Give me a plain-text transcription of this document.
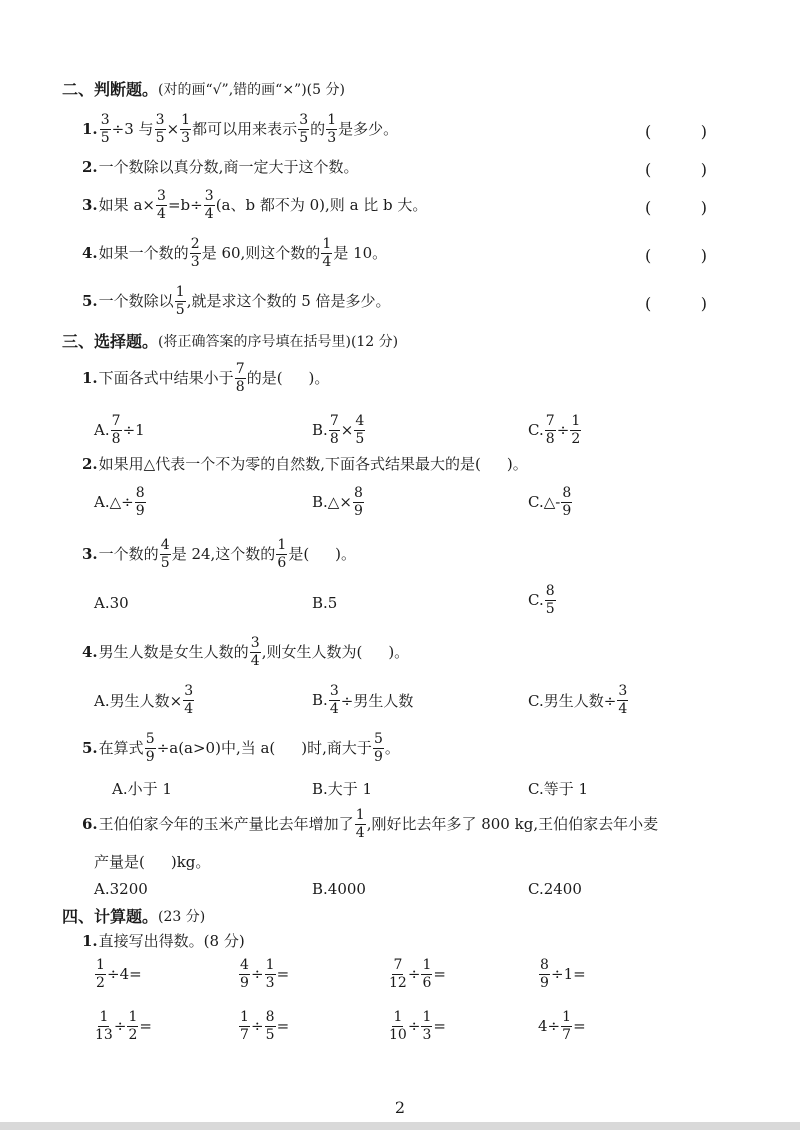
二、判断题。 (对的画“√”,错的画“×”)(5 分)
1. $\frac{3}{5} \div 3$ 与 $\frac{3}{5} \times \frac{1}{3}$ 都可以用来表示 $\frac{3}{5}$ 的 $\frac{1}{3}$ 是多少。	(	)
2. 一个数除以真分数,商一定大于这个数。	(	)
3. 如果 $a\times \frac{3}{4} =b\div \frac{3}{4} (a$、b 都不为 0),则 a 比 b 大。	(	)
4. 如果一个数的 $\frac{2}{3}$ 是 60,则这个数的 $\frac{1}{4}$ 是 10。	(	)
5. 一个数除以 $\frac{1}{5}$ ,就是求这个数的 5 倍是多少。	(	)
三、选择题。 (将正确答案的序号填在括号里)(12 分)
1. 下面各式中结果小于 $\frac{7}{8}$ 的是( )。
A. $\frac{7}{8} \div 1$	B. $\frac{7}{8} \times \frac{4}{5}$	C. $\frac{7}{8} \div \frac{1}{2}$
2. 如果用△代表一个不为零的自然数,下面各式结果最大的是( )。
A. △÷ $\frac{8}{9}$	B. △× $\frac{8}{9}$	C. △- $\frac{8}{9}$
3. 一个数的 $\frac{4}{5}$ 是 24,这个数的 $\frac{1}{6}$ 是( )。
A.30	B.5	C. $\frac{8}{5}$
4. 男生人数是女生人数的 $\frac{3}{4}$ ,则女生人数为( )。
A.男生人数× $\frac{3}{4}$	B. $\frac{3}{4}$ ÷男生人数	C.男生人数÷ $\frac{3}{4}$
5. 在算式 $\frac{5}{9} \div a(a>0)$中,当 a( )时,商大于 $\frac{5}{9}$ 。
A.小于 1	B.大于 1	C.等于 1
6. 王伯伯家今年的玉米产量比去年增加了 $\frac{1}{4}$ ,刚好比去年多了 800 kg,王伯伯家去年小麦
产量是( )kg。
A.3200	B.4000	C.2400
四、计算题。 (23 分)
1. 直接写出得数。(8 分)
$\frac{1}{2} \div 4=$	$\frac{4}{9} \div \frac{1}{3}$ =	$\frac{7}{12} \div \frac{1}{6}$ =	$\frac{8}{9} \div 1=$
$\frac{1}{13} \div \frac{1}{2}$ =	$\frac{1}{7} \div \frac{8}{5}$ =	$\frac{1}{10} \div \frac{1}{3}$ =	$4\div \frac{1}{7}$ =
2
